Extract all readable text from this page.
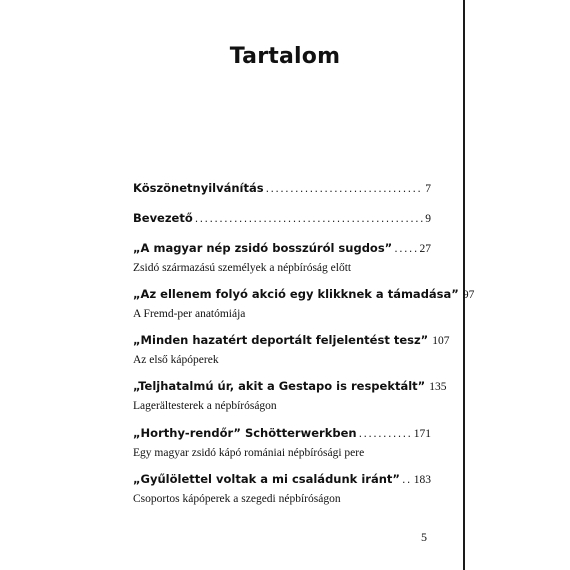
Tartalom
Köszönetnyilvánítás .....	7
Bevezető .....	9
„A magyar nép zsidó bosszúról sugdos” ..... 27
Zsidó származású személyek a népbíróság előtt
„Az ellenem folyó akció egy klikknek a támadása” 97
A Fremd-per anatómiája
„Minden hazatért deportált feljelentést tesz” 107
Az első kápóperek
„Teljhatalmú úr, akit a Gestapo is respektált” 135
Lagerältesterek a népbíróságon
„Horthy-rendőr” Schötterwerkben .....	171
Egy magyar zsidó kápó romániai népbírósági pere
„Gyűlölettel voltak a mi családunk iránt” ..... 183
Csoportos kápóperek a szegedi népbíróságon
5
